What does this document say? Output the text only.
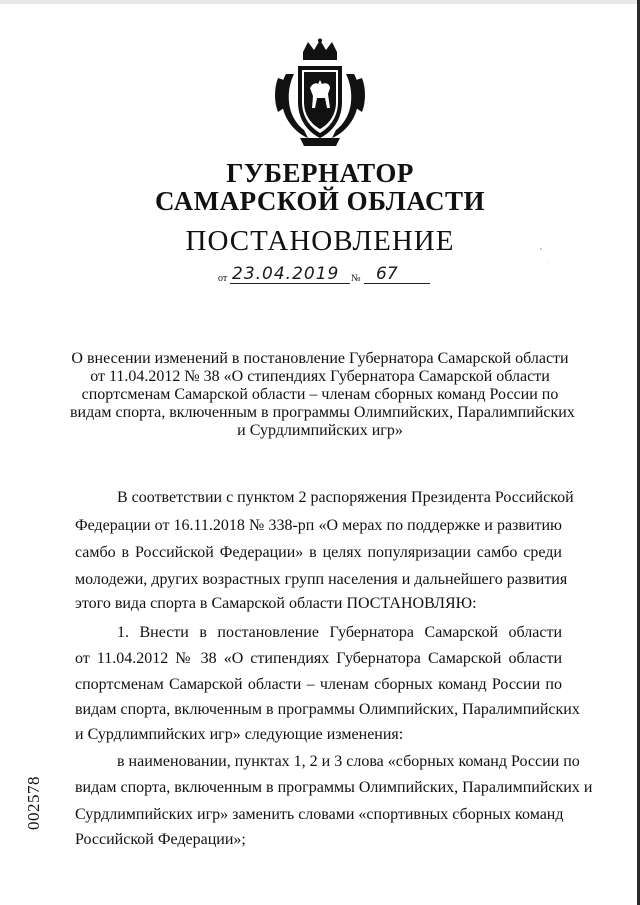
ГУБЕРНАТОР
САМАРСКОЙ ОБЛАСТИ
ПОСТАНОВЛЕНИЕ
от 23.04.2019	№ 67
О внесении изменений в постановление Губернатора Самарской области
от 11.04.2012 № 38 «О стипендиях Губернатора Самарской области
спортсменам Самарской области – членам сборных команд России по
видам спорта, включенным в программы Олимпийских, Паралимпийских
и Сурдлимпийских игр»
В соответствии с пунктом 2 распоряжения Президента Российской
Федерации от 16.11.2018 № 338-рп «О мерах по поддержке и развитию
самбо в Российской Федерации» в целях популяризации самбо среди
молодежи, других возрастных групп населения и дальнейшего развития
этого вида спорта в Самарской области ПОСТАНОВЛЯЮ:
1. Внести в постановление Губернатора Самарской области
от 11.04.2012 № 38 «О стипендиях Губернатора Самарской области
спортсменам Самарской области – членам сборных команд России по
видам спорта, включенным в программы Олимпийских, Паралимпийских
и Сурдлимпийских игр» следующие изменения:
в наименовании, пунктах 1, 2 и 3 слова «сборных команд России по
видам спорта, включенным в программы Олимпийских, Паралимпийских и
Сурдлимпийских игр» заменить словами «спортивных сборных команд
Российской Федерации»;
002578
